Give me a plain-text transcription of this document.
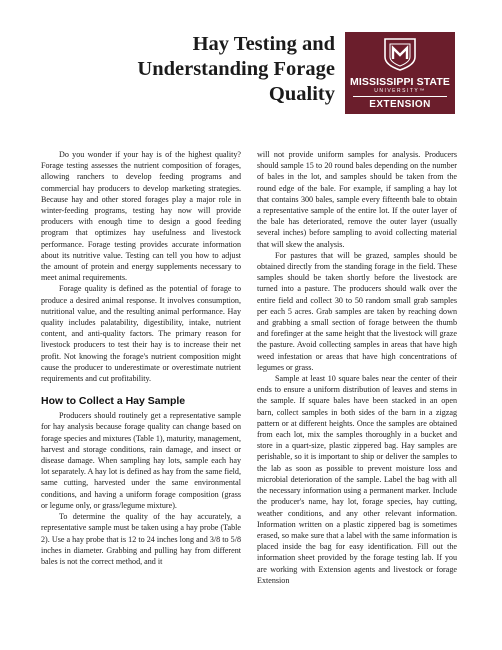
Hay Testing and
Understanding Forage
Quality
MISSISSIPPI STATE
UNIVERSITY™
EXTENSION

Do you wonder if your hay is of the highest quality? Forage testing assesses the nutrient composition of forages, allowing ranchers to develop feeding programs and commercial hay producers to develop marketing strategies. Because hay and other stored forages play a major role in winter-feeding programs, testing hay now will provide producers with enough time to design a good feeding program that optimizes hay usefulness and livestock performance. Forage testing provides accurate information about its nutritive value. Testing can tell you how to adjust the amount of protein and energy supplements necessary to meet animal requirements.

Forage quality is defined as the potential of forage to produce a desired animal response. It involves consumption, nutritional value, and the resulting animal performance. Hay quality includes palatability, digestibility, intake, nutrient content, and anti-quality factors. The primary reason for livestock producers to test their hay is to increase their net profit. Not knowing the forage's nutrient composition might cause the producer to underestimate or overestimate nutrient requirements and cut profitability.

How to Collect a Hay Sample

Producers should routinely get a representative sample for hay analysis because forage quality can change based on forage species and mixtures (Table 1), maturity, management, harvest and storage conditions, rain damage, and insect or disease damage. When sampling hay lots, sample each hay lot separately. A hay lot is defined as hay from the same field, same cutting, harvested under the same environmental conditions, and having a uniform forage composition (grass or legume only, or grass/legume mixture).

To determine the quality of the hay accurately, a representative sample must be taken using a hay probe (Table 2). Use a hay probe that is 12 to 24 inches long and 3/8 to 5/8 inches in diameter. Grabbing and pulling hay from different bales is not the correct method, and it

will not provide uniform samples for analysis. Producers should sample 15 to 20 round bales depending on the number of bales in the lot, and samples should be taken from the round edge of the bale. For example, if sampling a hay lot that contains 300 bales, sample every fifteenth bale to obtain a representative sample of the entire lot. If the outer layer of the bale has deteriorated, remove the outer layer (usually several inches) before sampling to avoid collecting material that will skew the analysis.

For pastures that will be grazed, samples should be obtained directly from the standing forage in the field. These samples should be taken shortly before the livestock are turned into a pasture. The producers should walk over the entire field and collect 30 to 50 random small grab samples per each 5 acres. Grab samples are taken by reaching down and grabbing a small section of forage between the thumb and forefinger at the same height that the livestock will graze the pasture. Avoid collecting samples in areas that have high weed infestation or areas that have high concentrations of legumes or grass.

Sample at least 10 square bales near the center of their ends to ensure a uniform distribution of leaves and stems in the sample. If square bales have been stacked in an open barn, collect samples in both sides of the barn in a zigzag pattern or at different heights. Once the samples are obtained from each lot, mix the samples thoroughly in a bucket and store in a quart-size, plastic zippered bag. Hay samples are perishable, so it is important to ship or deliver the samples to the lab as soon as possible to prevent moisture loss and microbial deterioration of the sample. Label the bag with all the necessary information using a permanent marker. Include the producer's name, hay lot, forage species, hay cutting, weather conditions, and any other relevant information. Information written on a plastic zippered bag is sometimes erased, so make sure that a label with the same information is placed inside the bag for easy identification. Fill out the information sheet provided by the forage testing lab. If you are working with Extension agents and livestock or forage Extension
